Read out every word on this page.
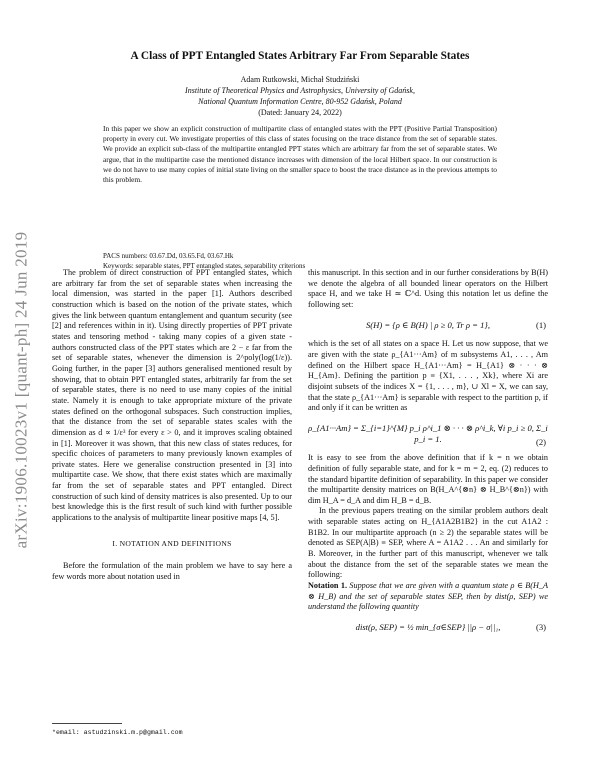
arXiv:1906.10023v1 [quant-ph] 24 Jun 2019
A Class of PPT Entangled States Arbitrary Far From Separable States
Adam Rutkowski, Michał Studziński
Institute of Theoretical Physics and Astrophysics, University of Gdańsk,
National Quantum Information Centre, 80-952 Gdańsk, Poland
(Dated: January 24, 2022)
In this paper we show an explicit construction of multipartite class of entangled states with the PPT (Positive Partial Transposition) property in every cut. We investigate properties of this class of states focusing on the trace distance from the set of separable states. We provide an explicit sub-class of the multipartite entangled PPT states which are arbitrary far from the set of separable states. We argue, that in the multipartite case the mentioned distance increases with dimension of the local Hilbert space. In our construction is we do not have to use many copies of initial state living on the smaller space to boost the trace distance as in the previous attempts to this problem.
PACS numbers: 03.67.Dd, 03.65.Fd, 03.67.Hk
Keywords: separable states, PPT entangled states, separability criterions

The problem of direct construction of PPT entangled states, which are arbitrary far from the set of separable states when increasing the local dimension, was started in the paper [1]. Authors described construction which is based on the notion of the private states, which gives the link between quantum entanglement and quantum security (see [2] and references within in it). Using directly properties of PPT private states and tensoring method - taking many copies of a given state - authors constructed class of the PPT states which are 2 − ε far from the set of separable states, whenever the dimension is 2^poly(log(1/ε)). Going further, in the paper [3] authors generalised mentioned result by showing, that to obtain PPT entangled states, arbitrarily far from the set of separable states, there is no need to use many copies of the initial state. Namely it is enough to take appropriate mixture of the private states defined on the orthogonal subspaces. Such construction implies, that the distance from the set of separable states scales with the dimension as d ∝ 1/ε³ for every ε > 0, and it improves scaling obtained in [1]. Moreover it was shown, that this new class of states reduces, for specific choices of parameters to many previously known examples of private states. Here we generalise construction presented in [3] into multipartite case. We show, that there exist states which are maximally far from the set of separable states and PPT entangled. Direct construction of such kind of density matrices is also presented. Up to our best knowledge this is the first result of such kind with further possible applications to the analysis of multipartite linear positive maps [4, 5].

I. NOTATION AND DEFINITIONS

Before the formulation of the main problem we have to say here a few words more about notation used in

this manuscript. In this section and in our further considerations by B(H) we denote the algebra of all bounded linear operators on the Hilbert space H, and we take H ≃ ℂ^d. Using this notation let us define the following set:

S(H) = {ρ ∈ B(H) | ρ ≥ 0, Tr ρ = 1},	(1)

which is the set of all states on a space H. Let us now suppose, that we are given with the state ρ_{A1···Am} of m subsystems A1, . . . , Am defined on the Hilbert space H_{A1···Am} = H_{A1} ⊗ · · · ⊗ H_{Am}. Defining the partition p ≡ {X1, . . . , Xk}, where Xi are disjoint subsets of the indices X = {1, . . . , m}, ∪ Xl = X, we can say, that the state ρ_{A1···Am} is separable with respect to the partition p, if and only if it can be written as

ρ_{A1···Am} = Σ_{i=1}^{M} p_i ρ^i_1 ⊗ · · · ⊗ ρ^i_k, ∀i p_i ≥ 0, Σ_i p_i = 1.	(2)

It is easy to see from the above definition that if k = n we obtain definition of fully separable state, and for k = m = 2, eq. (2) reduces to the standard bipartite definition of separability. In this paper we consider the multipartite density matrices on B(H_A^{⊗n} ⊗ H_B^{⊗n}) with dim H_A = d_A and dim H_B = d_B.

In the previous papers treating on the similar problem authors dealt with separable states acting on H_{A1A2B1B2} in the cut A1A2 : B1B2. In our multipartite approach (n ≥ 2) the separable states will be denoted as SEP(A|B) ≡ SEP, where A = A1A2 . . . An and similarly for B. Moreover, in the further part of this manuscript, whenever we talk about the distance from the set of the separable states we mean the following:

Notation 1. Suppose that we are given with a quantum state ρ ∈ B(H_A ⊗ H_B) and the set of separable states SEP, then by dist(ρ, SEP) we understand the following quantity

dist(ρ, SEP) = ½ min_{σ∈SEP} ||ρ − σ||₁,	(3)
*email: astudzinski.m.p@gmail.com
